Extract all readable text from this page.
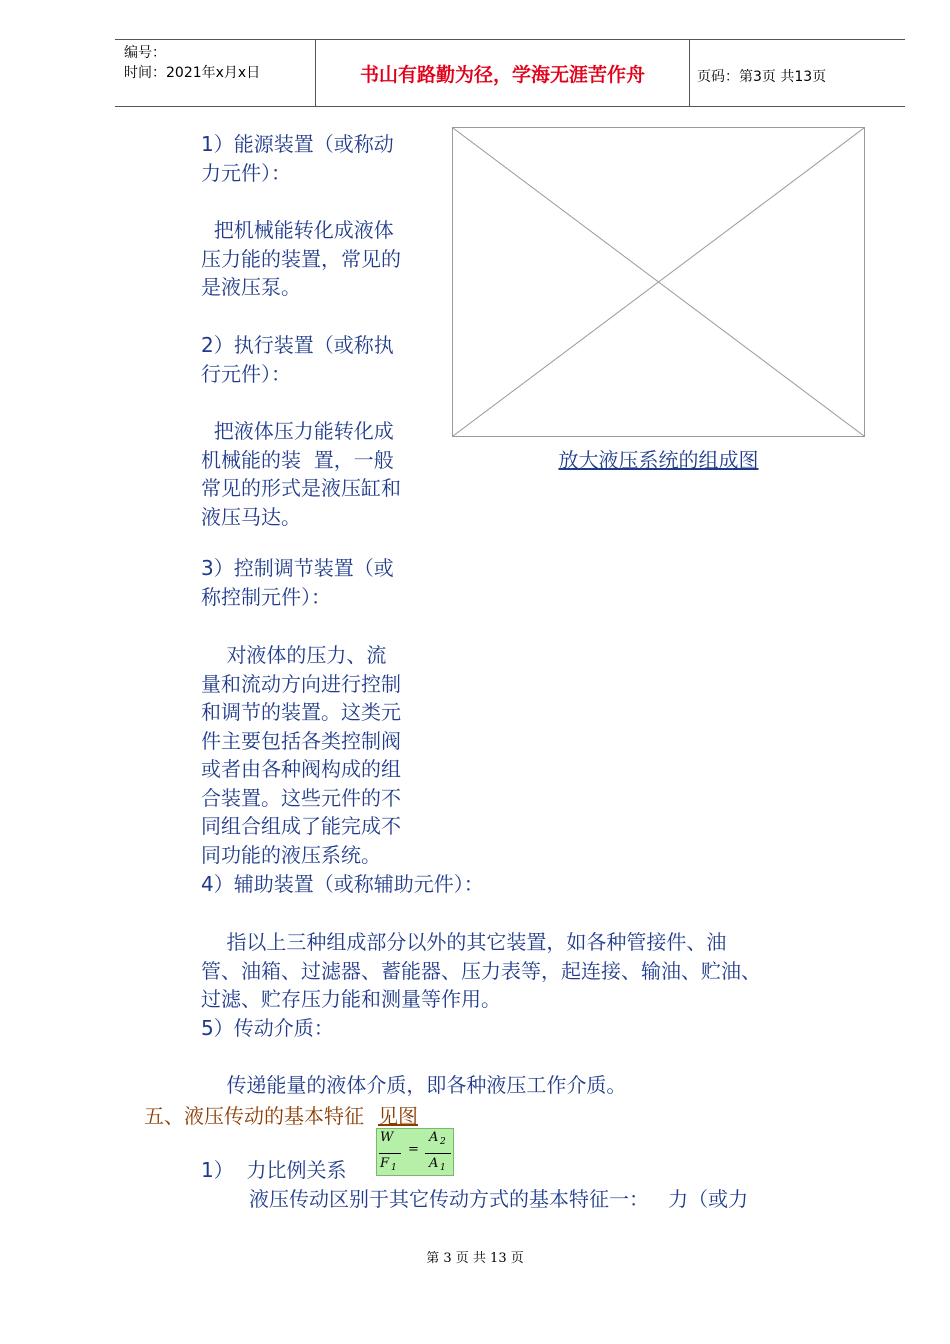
编号：
时间：2021年x月x日	书山有路勤为径，学海无涯苦作舟	页码：第3页 共13页
1）能源装置（或称动
力元件）：
把机械能转化成液体
压力能的装置，常见的
是液压泵。
2）执行装置（或称执
行元件）：
把液体压力能转化成
机械能的装  置，一般
常见的形式是液压缸和
液压马达。
3）控制调节装置（或
称控制元件）：
对液体的压力、流
量和流动方向进行控制
和调节的装置。这类元
件主要包括各类控制阀
或者由各种阀构成的组
合装置。这些元件的不
同组合组成了能完成不
同功能的液压系统。
4）辅助装置（或称辅助元件）：
指以上三种组成部分以外的其它装置，如各种管接件、油
管、油箱、过滤器、蓄能器、压力表等，起连接、输油、贮油、
过滤、贮存压力能和测量等作用。
5）传动介质：
传递能量的液体介质，即各种液压工作介质。
放大液压系统的组成图
五、液压传动的基本特征 见图
W
F 1
=
A 2
A 1
1）  力比例关系
液压传动区别于其它传动方式的基本特征一：   力（或力
第 3 页 共 13 页
